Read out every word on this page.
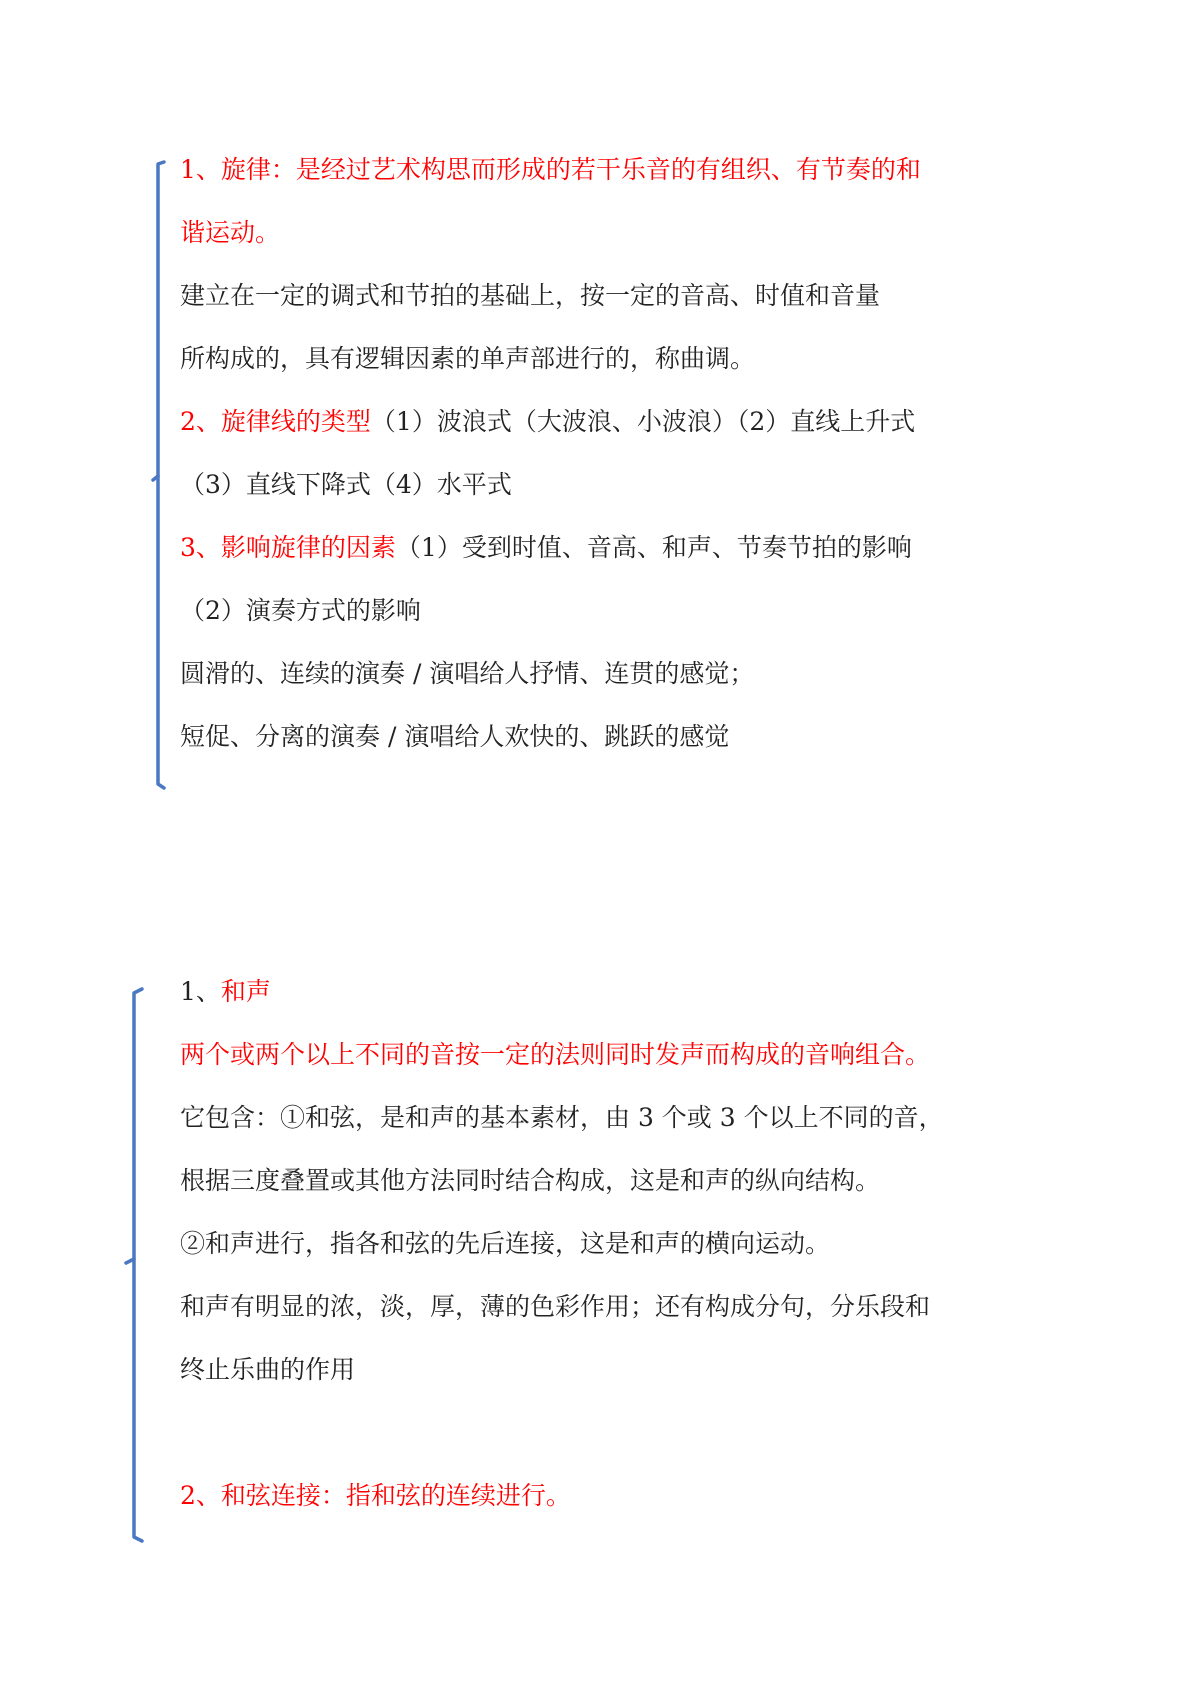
1、旋律：是经过艺术构思而形成的若干乐音的有组织、有节奏的和
谐运动。
建立在一定的调式和节拍的基础上，按一定的音高、时值和音量
所构成的，具有逻辑因素的单声部进行的，称曲调。
2、旋律线的类型（1）波浪式（大波浪、小波浪）（2）直线上升式
（3）直线下降式（4）水平式
3、影响旋律的因素（1）受到时值、音高、和声、节奏节拍的影响
（2）演奏方式的影响
圆滑的、连续的演奏 / 演唱给人抒情、连贯的感觉；
短促、分离的演奏 / 演唱给人欢快的、跳跃的感觉
1、和声
两个或两个以上不同的音按一定的法则同时发声而构成的音响组合。
它包含：①和弦，是和声的基本素材，由 3 个或 3 个以上不同的音，
根据三度叠置或其他方法同时结合构成，这是和声的纵向结构。
②和声进行，指各和弦的先后连接，这是和声的横向运动。
和声有明显的浓，淡，厚，薄的色彩作用；还有构成分句，分乐段和
终止乐曲的作用
2、和弦连接：指和弦的连续进行。
